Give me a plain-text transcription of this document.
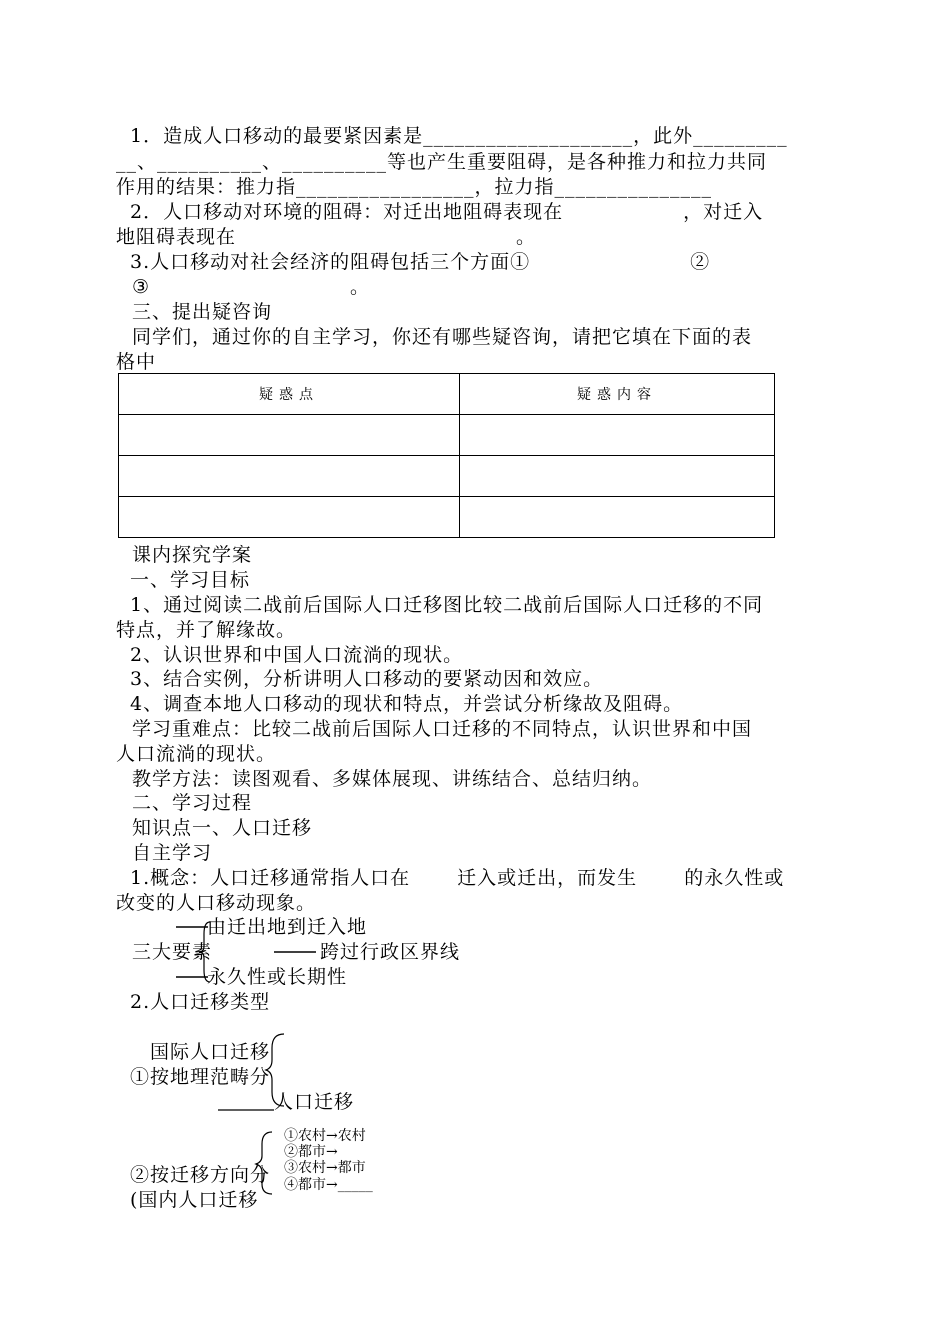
1．造成人口移动的最要紧因素是____________________，此外_________
__、__________、__________等也产生重要阻碍，是各种推力和拉力共同
作用的结果：推力指_________________，拉力指_______________
2．人口移动对环境的阻碍：对迁出地阻碍表现在　　　　　　，对迁入
地阻碍表现在　　　　　　　　　　　　　　。
3.人口移动对社会经济的阻碍包括三个方面①　　　　　　　　②
③　　　　　　　　　　。
三、提出疑咨询
同学们，通过你的自主学习，你还有哪些疑咨询，请把它填在下面的表
格中
疑惑点	疑惑内容

课内探究学案
一、学习目标
1、通过阅读二战前后国际人口迁移图比较二战前后国际人口迁移的不同
特点，并了解缘故。
2、认识世界和中国人口流淌的现状。
3、结合实例，分析讲明人口移动的要紧动因和效应。
4、调查本地人口移动的现状和特点，并尝试分析缘故及阻碍。
学习重难点：比较二战前后国际人口迁移的不同特点，认识世界和中国
人口流淌的现状。
教学方法：读图观看、多媒体展现、讲练结合、总结归纳。
二、学习过程
知识点一、人口迁移
自主学习
1.概念：人口迁移通常指人口在　　 迁入或迁出，而发生　　 的永久性或
改变的人口移动现象。
由迁出地到迁入地
三大要素	跨过行政区界线
永久性或长期性
2.人口迁移类型
国际人口迁移
①按地理范畴分
人口迁移
①农村→农村
②都市→
③农村→都市
④都市→_____
②按迁移方向分
(国内人口迁移
